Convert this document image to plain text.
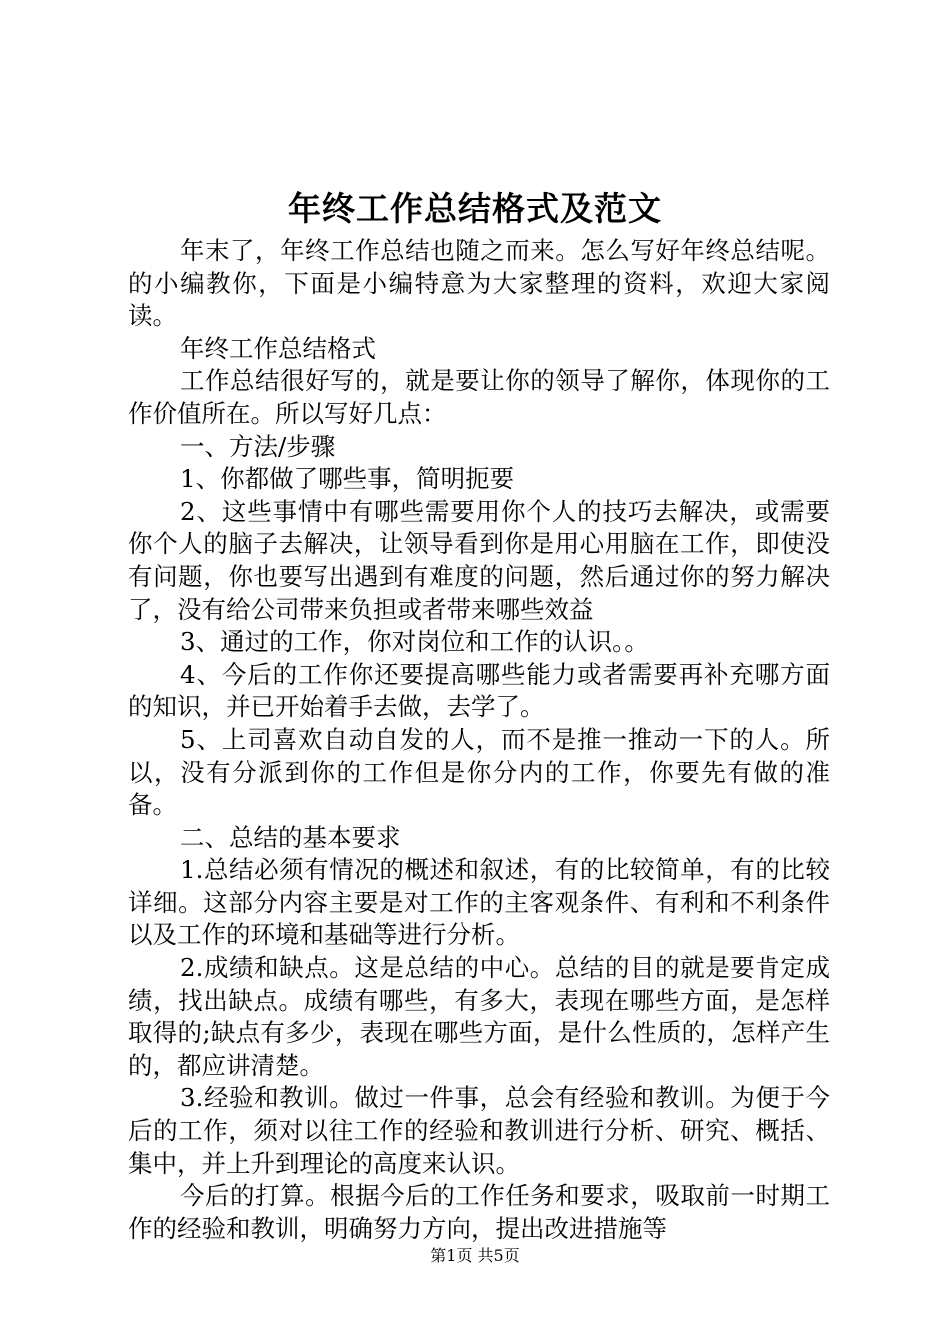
年终工作总结格式及范文

年末了，年终工作总结也随之而来。怎么写好年终总结呢。的小编教你，下面是小编特意为大家整理的资料，欢迎大家阅读。

年终工作总结格式

工作总结很好写的，就是要让你的领导了解你，体现你的工作价值所在。所以写好几点：

一、方法/步骤

1、你都做了哪些事，简明扼要

2、这些事情中有哪些需要用你个人的技巧去解决，或需要你个人的脑子去解决，让领导看到你是用心用脑在工作，即使没有问题，你也要写出遇到有难度的问题，然后通过你的努力解决了，没有给公司带来负担或者带来哪些效益

3、通过的工作，你对岗位和工作的认识。。

4、今后的工作你还要提高哪些能力或者需要再补充哪方面的知识，并已开始着手去做，去学了。

5、上司喜欢自动自发的人，而不是推一推动一下的人。所以，没有分派到你的工作但是你分内的工作，你要先有做的准备。

二、总结的基本要求

1.总结必须有情况的概述和叙述，有的比较简单，有的比较详细。这部分内容主要是对工作的主客观条件、有利和不利条件以及工作的环境和基础等进行分析。

2.成绩和缺点。这是总结的中心。总结的目的就是要肯定成绩，找出缺点。成绩有哪些，有多大，表现在哪些方面，是怎样取得的;缺点有多少，表现在哪些方面，是什么性质的，怎样产生的，都应讲清楚。

3.经验和教训。做过一件事，总会有经验和教训。为便于今后的工作，须对以往工作的经验和教训进行分析、研究、概括、集中，并上升到理论的高度来认识。

今后的打算。根据今后的工作任务和要求，吸取前一时期工作的经验和教训，明确努力方向，提出改进措施等

第1页 共5页
